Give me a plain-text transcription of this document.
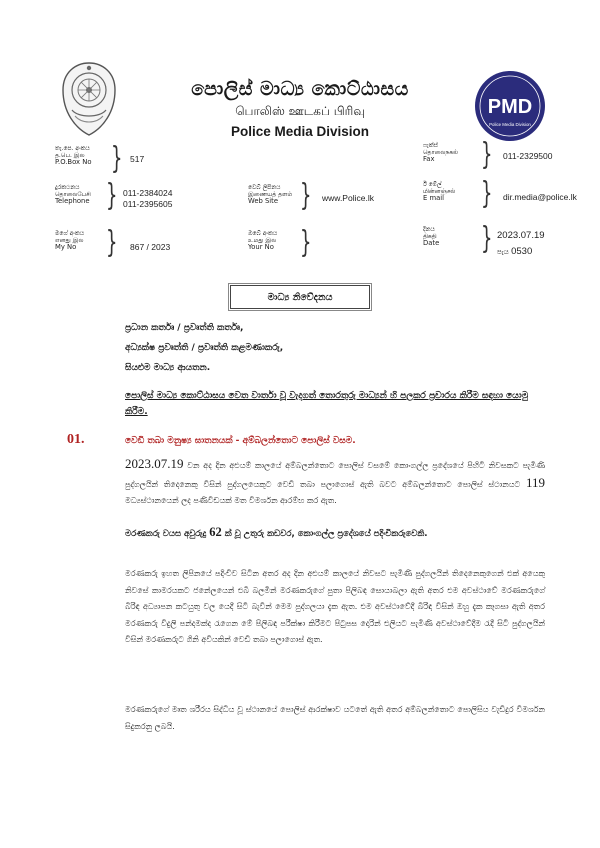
PMD
Police Media Division
පොලිස් මාධ්‍ය කොට්ඨාසය
பொலிஸ் ஊடகப் பிரிவு
Police Media Division
තැ.පෙ. අංකය
த.பெ. இல
P.O.Box No } 517
ෆැක්ස්
தொலைநகல்
Fax	} 011-2329500
දුරකථනය
தொலைபேசி
Telephone } 011-2384024
011-2395605
වෙබ් ලිපිනය
இணையத் தளம்
Web Site } www.Police.lk
ඊ මේල්
மின்னஞ்சல்
E mail	} dir.media@police.lk
මගේ අංකය
எனது இல
My No } 867 / 2023
ඔබේ අංකය
உமது இல
Your No }	දිනය
திகதி
Date } 2023.07.19
පැය 0530
මාධ්‍ය නිවේදනය
ප්‍රධාන කර්තෘ / ප්‍රවෘත්ති කර්තෘ,
අධ්‍යක්ෂ ප්‍රවෘත්ති / ප්‍රවෘත්ති කළමණාකරු,
සියළුම මාධ්‍ය ආයතන.
පොලිස් මාධ්‍ය කොට්ඨාසය වෙත වාර්තා වූ වැදගත් තොරතුරු මාධ්‍යන් හි පලකර ප්‍රචාරය කිරීම සඳහා යොමු කිරීම.
01.	වෙඩි තබා මනුෂ්‍ය ඝාතනයක් - අම්බලන්තොට පොලිස් වසම.
2023.07.19 වන අද දින අළුයම් කාලයේ අම්බලන්තොට පොලිස් වසමේ කොංගල්ල ප්‍රදේශයේ පිහිටි නිවසකට පැමිණි පුද්ගලයින් තිදෙනෙකු විසින් පුද්ගලයෙකුට වෙඩි තබා පලාගොස් ඇති බවට අම්බලන්තොට පොලිස් ස්ථානයට 119 මධ්‍යස්ථානයෙන් ලද පණිවිඩයක් මත විමර්ශන ආරම්භ කර ඇත.
මරණකරු වයස අවුරුදු 62 ක් වූ උතුරු කඩවර, කොංගල්ල ප්‍රදේශයේ පදිංචිකරුවෙකි.
මරණකරු ඉහත ලිපිනයේ පදිංචිව සිටින අතර අද දින අළුයම් කාලයේ නිවසට පැමිණි පුද්ගලයින් තිදෙනෙකුගෙන් එක් අයෙකු නිවසේ කාමරයකට ජනේලයෙන් එබී බලමින් මරණකරුගේ පුතා පිලිබඳ සොයාබලා ඇති අතර එම අවස්ථාවේ මරණකරුගේ බිරිඳ අධ්‍යාපන කටයුතු වල යෙදී සිටි බැවින් මෙම පුද්ගලයා දැක ඇත. එම අවස්ථාවේදී බිරිඳ විසින් ඔහු දැක කෑගසා ඇති අතර මරණකරු විදුලි පන්දමක්ද රැගෙන මේ පිලිබඳ පරීක්ෂා කිරීමට පිටුපස දොරින් එලියට පැමිණි අවස්ථාවේදීම රැදී සිටි පුද්ගලයින් විසින් මරණකරුට ගිනි අවියකින් වෙඩි තබා පලාගොස් ඇත.
මරණකරුගේ මෘත ශරීරය සිද්ධිය වූ ස්ථානයේ පොලිස් ආරක්ෂාව යටතේ ඇති අතර අම්බලන්තොට පොලිසිය වැඩිදුර විමර්ශන සිදුකරනු ලබයි.
